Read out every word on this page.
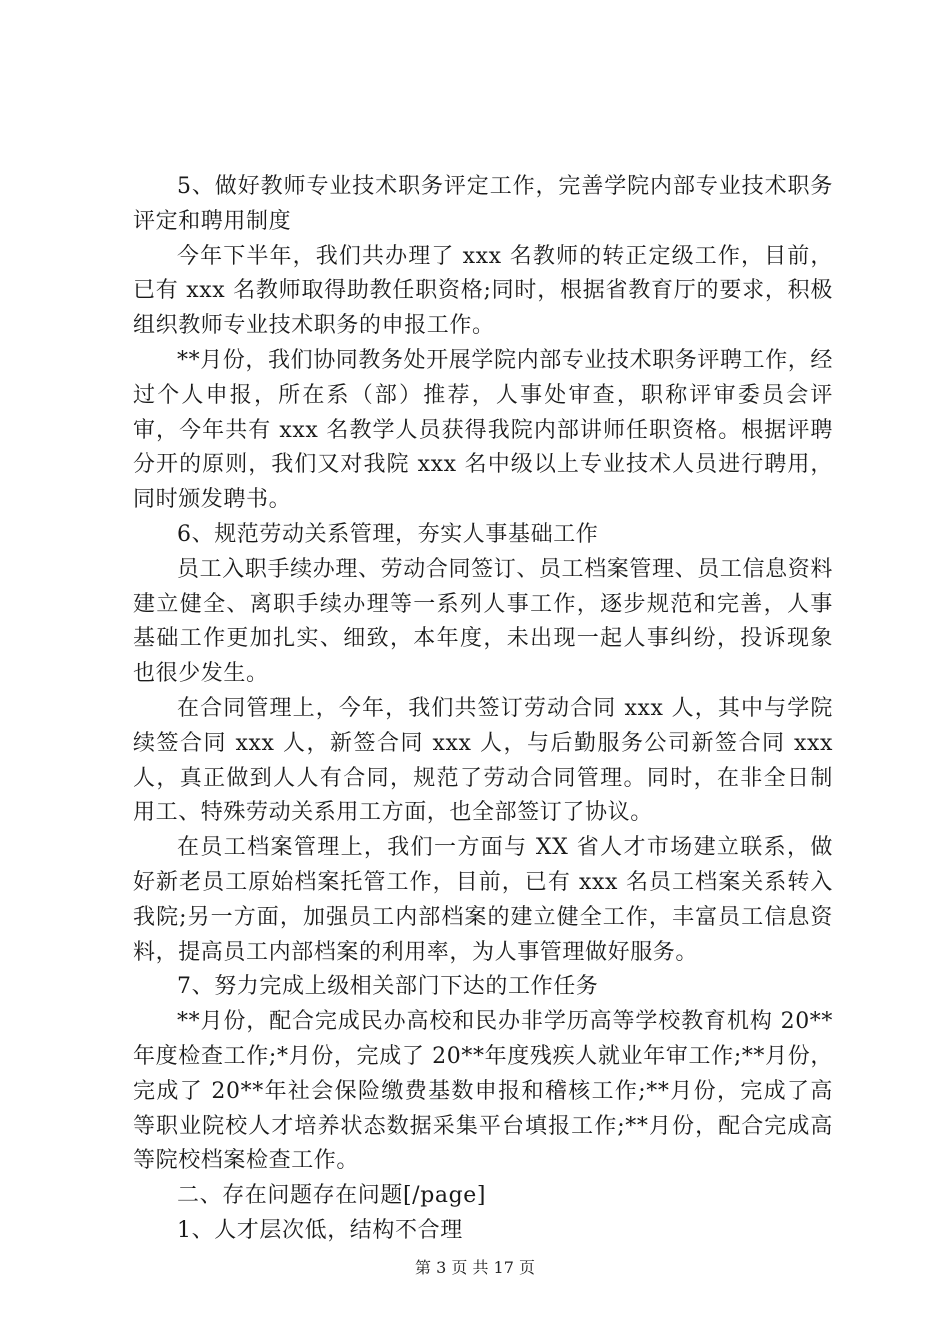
5、做好教师专业技术职务评定工作，完善学院内部专业技术职务评定和聘用制度

今年下半年，我们共办理了 xxx 名教师的转正定级工作，目前，已有 xxx 名教师取得助教任职资格;同时，根据省教育厅的要求，积极组织教师专业技术职务的申报工作。

**月份，我们协同教务处开展学院内部专业技术职务评聘工作，经过个人申报，所在系（部）推荐，人事处审查，职称评审委员会评审，今年共有 xxx 名教学人员获得我院内部讲师任职资格。根据评聘分开的原则，我们又对我院 xxx 名中级以上专业技术人员进行聘用，同时颁发聘书。

6、规范劳动关系管理，夯实人事基础工作

员工入职手续办理、劳动合同签订、员工档案管理、员工信息资料建立健全、离职手续办理等一系列人事工作，逐步规范和完善，人事基础工作更加扎实、细致，本年度，未出现一起人事纠纷，投诉现象也很少发生。

在合同管理上，今年，我们共签订劳动合同 xxx 人，其中与学院续签合同 xxx 人，新签合同 xxx 人，与后勤服务公司新签合同 xxx 人，真正做到人人有合同，规范了劳动合同管理。同时，在非全日制用工、特殊劳动关系用工方面，也全部签订了协议。

在员工档案管理上，我们一方面与 XX 省人才市场建立联系，做好新老员工原始档案托管工作，目前，已有 xxx 名员工档案关系转入我院;另一方面，加强员工内部档案的建立健全工作，丰富员工信息资料，提高员工内部档案的利用率，为人事管理做好服务。

7、努力完成上级相关部门下达的工作任务

**月份，配合完成民办高校和民办非学历高等学校教育机构 20**年度检查工作;*月份，完成了 20**年度残疾人就业年审工作;**月份，完成了 20**年社会保险缴费基数申报和稽核工作;**月份，完成了高等职业院校人才培养状态数据采集平台填报工作;**月份，配合完成高等院校档案检查工作。

二、存在问题存在问题[/page]

1、人才层次低，结构不合理

第 3 页 共 17 页
